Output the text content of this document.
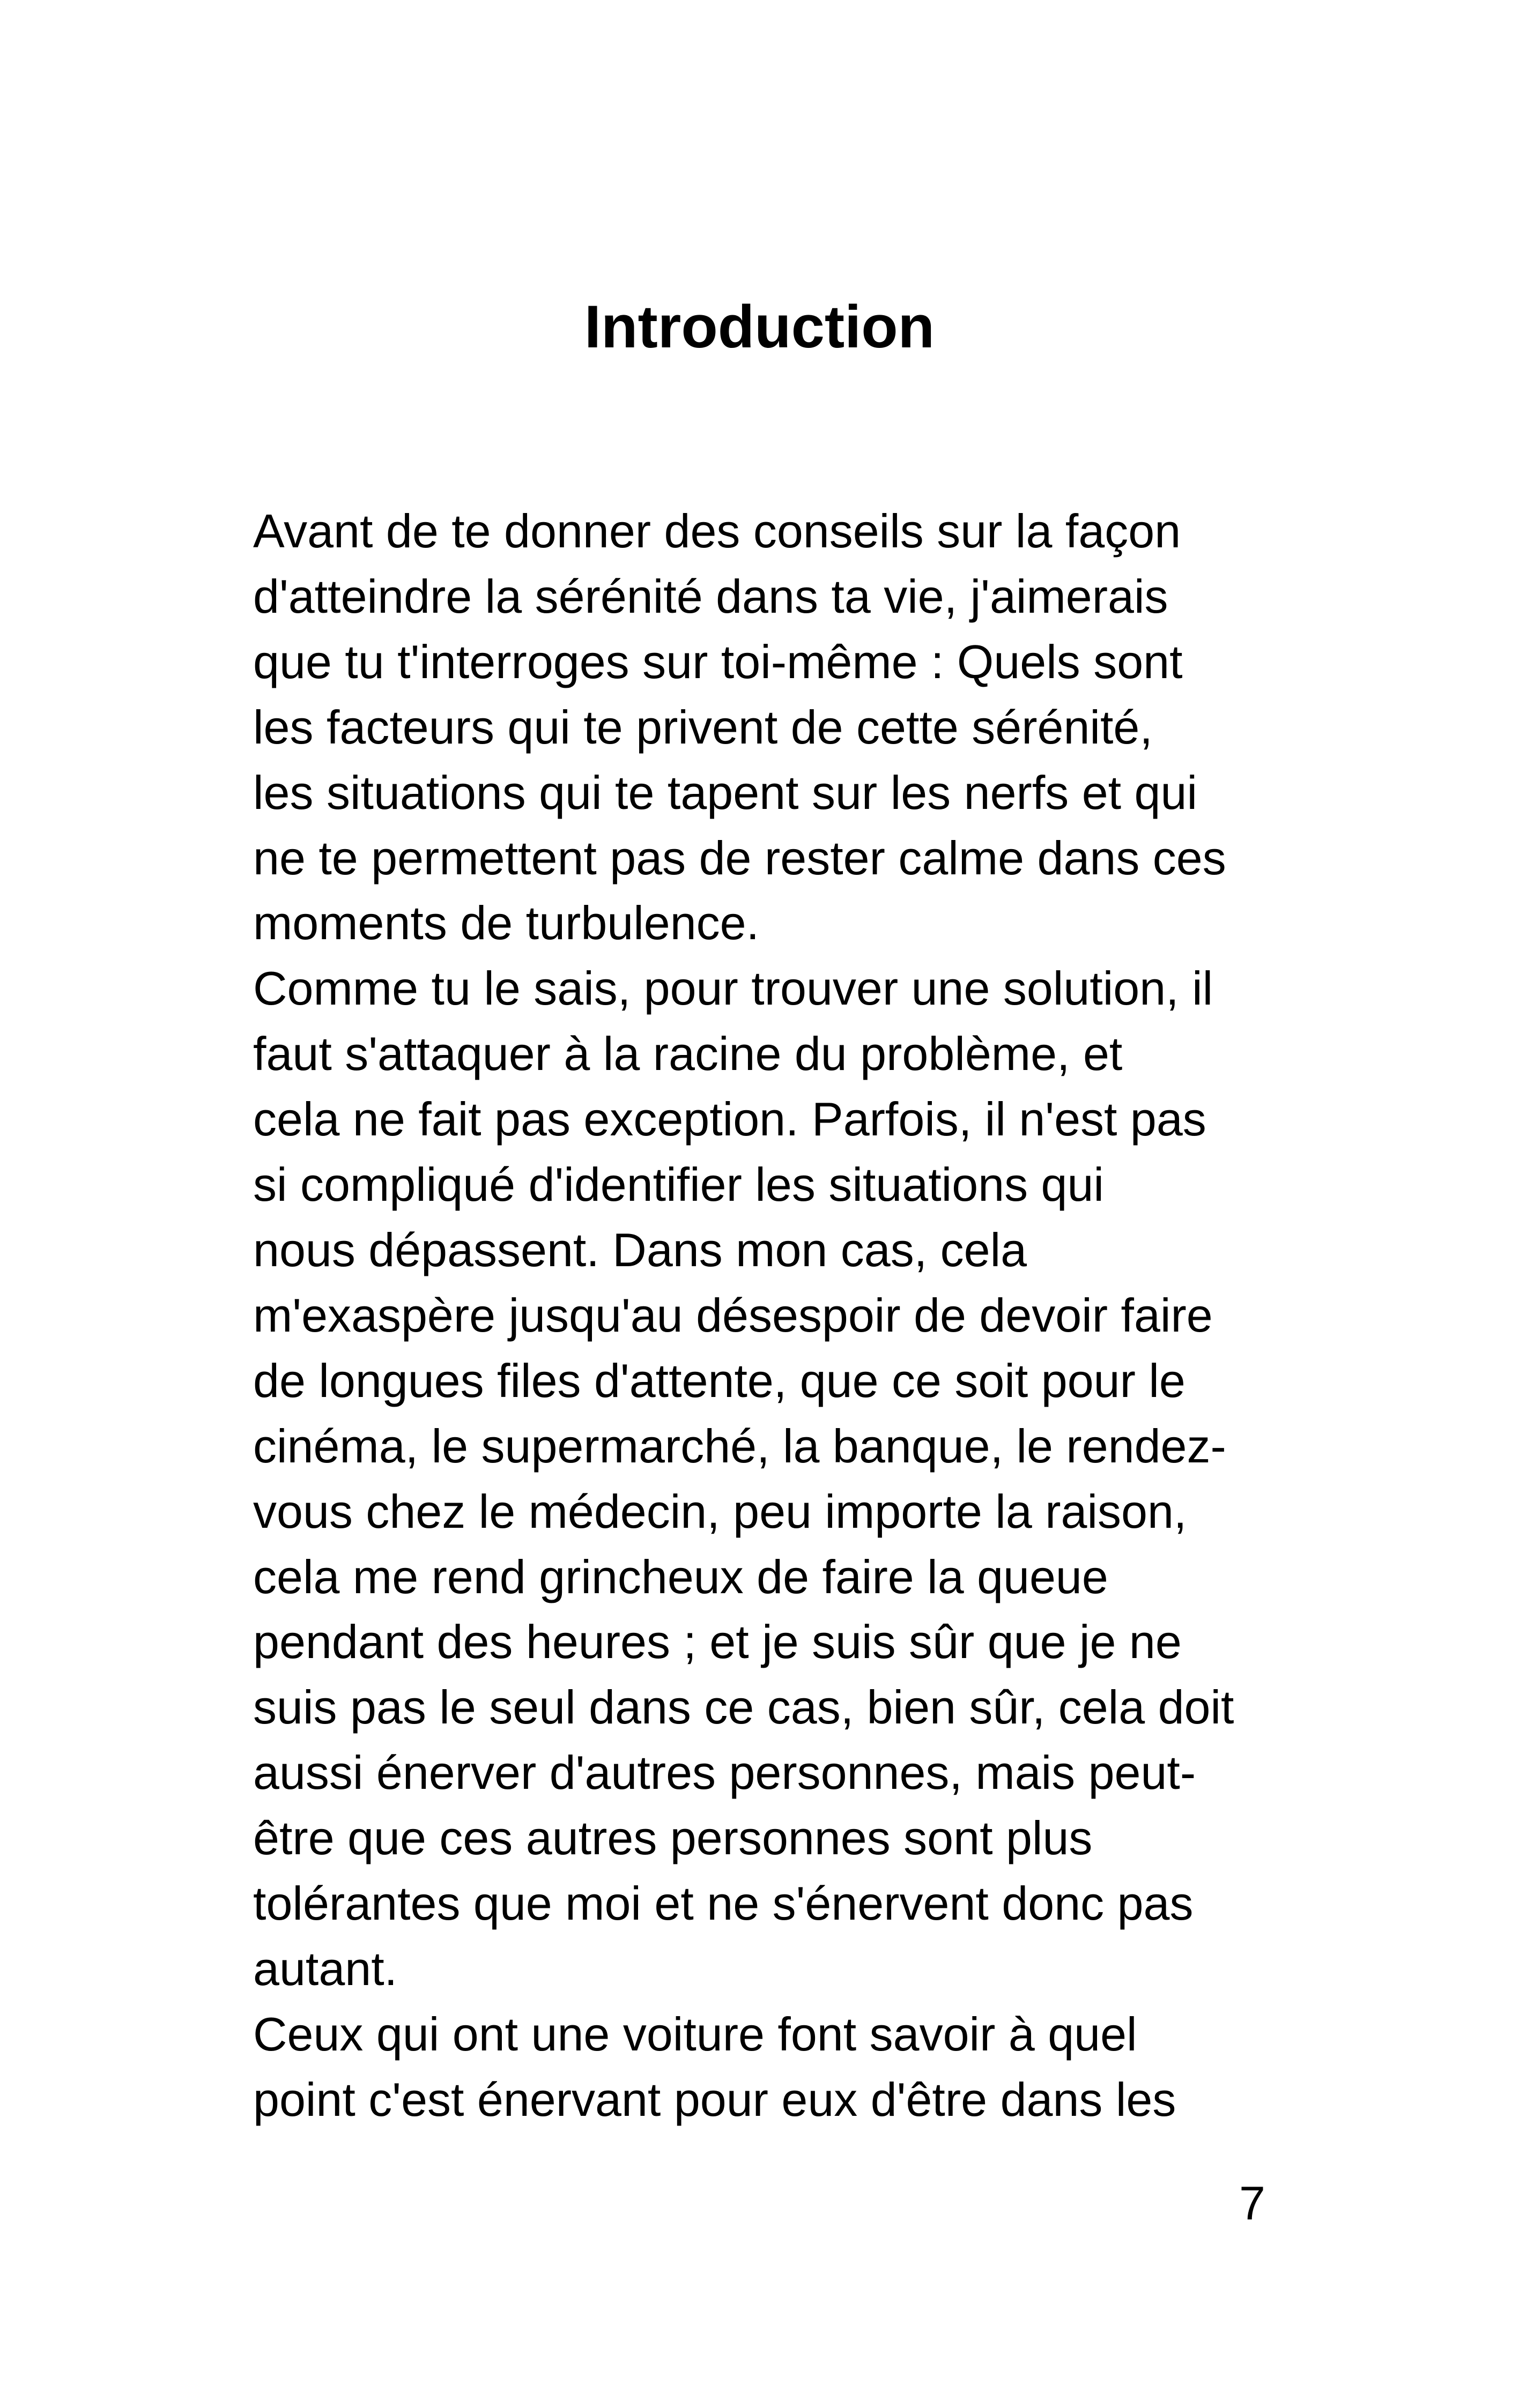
Introduction
Avant de te donner des conseils sur la façon
d'atteindre la sérénité dans ta vie, j'aimerais
que tu t'interroges sur toi-même : Quels sont
les facteurs qui te privent de cette sérénité,
les situations qui te tapent sur les nerfs et qui
ne te permettent pas de rester calme dans ces
moments de turbulence.
Comme tu le sais, pour trouver une solution, il
faut s'attaquer à la racine du problème, et
cela ne fait pas exception. Parfois, il n'est pas
si compliqué d'identifier les situations qui
nous dépassent. Dans mon cas, cela
m'exaspère jusqu'au désespoir de devoir faire
de longues files d'attente, que ce soit pour le
cinéma, le supermarché, la banque, le rendez-
vous chez le médecin, peu importe la raison,
cela me rend grincheux de faire la queue
pendant des heures ; et je suis sûr que je ne
suis pas le seul dans ce cas, bien sûr, cela doit
aussi énerver d'autres personnes, mais peut-
être que ces autres personnes sont plus
tolérantes que moi et ne s'énervent donc pas
autant.
Ceux qui ont une voiture font savoir à quel
point c'est énervant pour eux d'être dans les
7
